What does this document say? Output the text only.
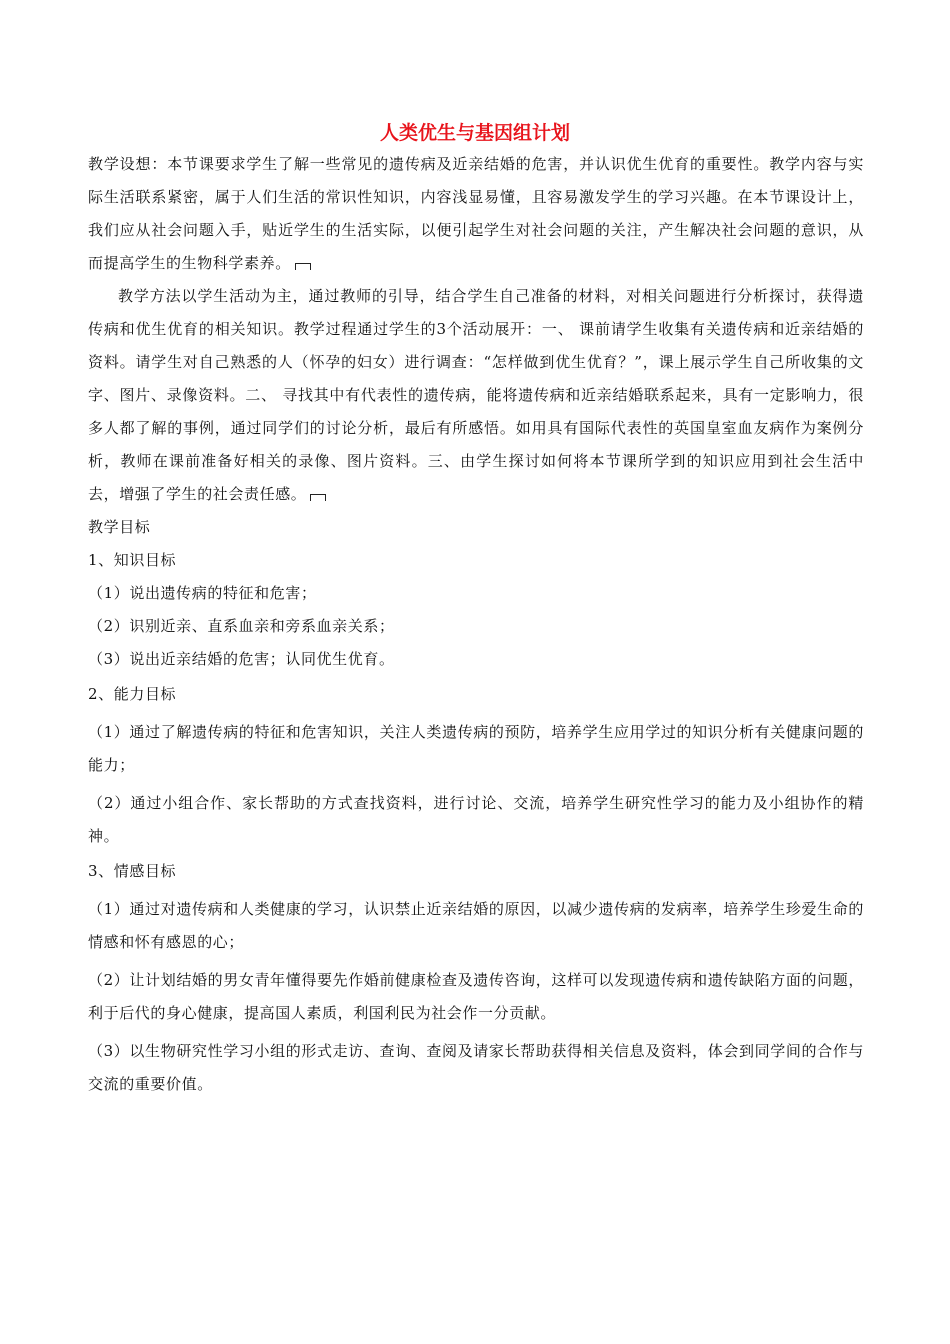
人类优生与基因组计划

教学设想：本节课要求学生了解一些常见的遗传病及近亲结婚的危害，并认识优生优育的重要性。教学内容与实际生活联系紧密，属于人们生活的常识性知识，内容浅显易懂，且容易激发学生的学习兴趣。在本节课设计上，我们应从社会问题入手，贴近学生的生活实际，以便引起学生对社会问题的关注，产生解决社会问题的意识，从而提高学生的生物科学素养。

教学方法以学生活动为主，通过教师的引导，结合学生自己准备的材料，对相关问题进行分析探讨，获得遗传病和优生优育的相关知识。教学过程通过学生的3个活动展开：一、 课前请学生收集有关遗传病和近亲结婚的资料。请学生对自己熟悉的人（怀孕的妇女）进行调查：“怎样做到优生优育？”，课上展示学生自己所收集的文字、图片、录像资料。二、 寻找其中有代表性的遗传病，能将遗传病和近亲结婚联系起来，具有一定影响力，很多人都了解的事例，通过同学们的讨论分析，最后有所感悟。如用具有国际代表性的英国皇室血友病作为案例分析，教师在课前准备好相关的录像、图片资料。三、由学生探讨如何将本节课所学到的知识应用到社会生活中去，增强了学生的社会责任感。

教学目标

1、知识目标

（1）说出遗传病的特征和危害；

（2）识别近亲、直系血亲和旁系血亲关系；

（3）说出近亲结婚的危害；认同优生优育。

2、能力目标

（1）通过了解遗传病的特征和危害知识，关注人类遗传病的预防，培养学生应用学过的知识分析有关健康问题的能力；

（2）通过小组合作、家长帮助的方式查找资料，进行讨论、交流，培养学生研究性学习的能力及小组协作的精神。

3、情感目标

（1）通过对遗传病和人类健康的学习，认识禁止近亲结婚的原因，以减少遗传病的发病率，培养学生珍爱生命的情感和怀有感恩的心；

（2）让计划结婚的男女青年懂得要先作婚前健康检查及遗传咨询，这样可以发现遗传病和遗传缺陷方面的问题，利于后代的身心健康，提高国人素质，利国利民为社会作一分贡献。

（3）以生物研究性学习小组的形式走访、查询、查阅及请家长帮助获得相关信息及资料，体会到同学间的合作与交流的重要价值。
